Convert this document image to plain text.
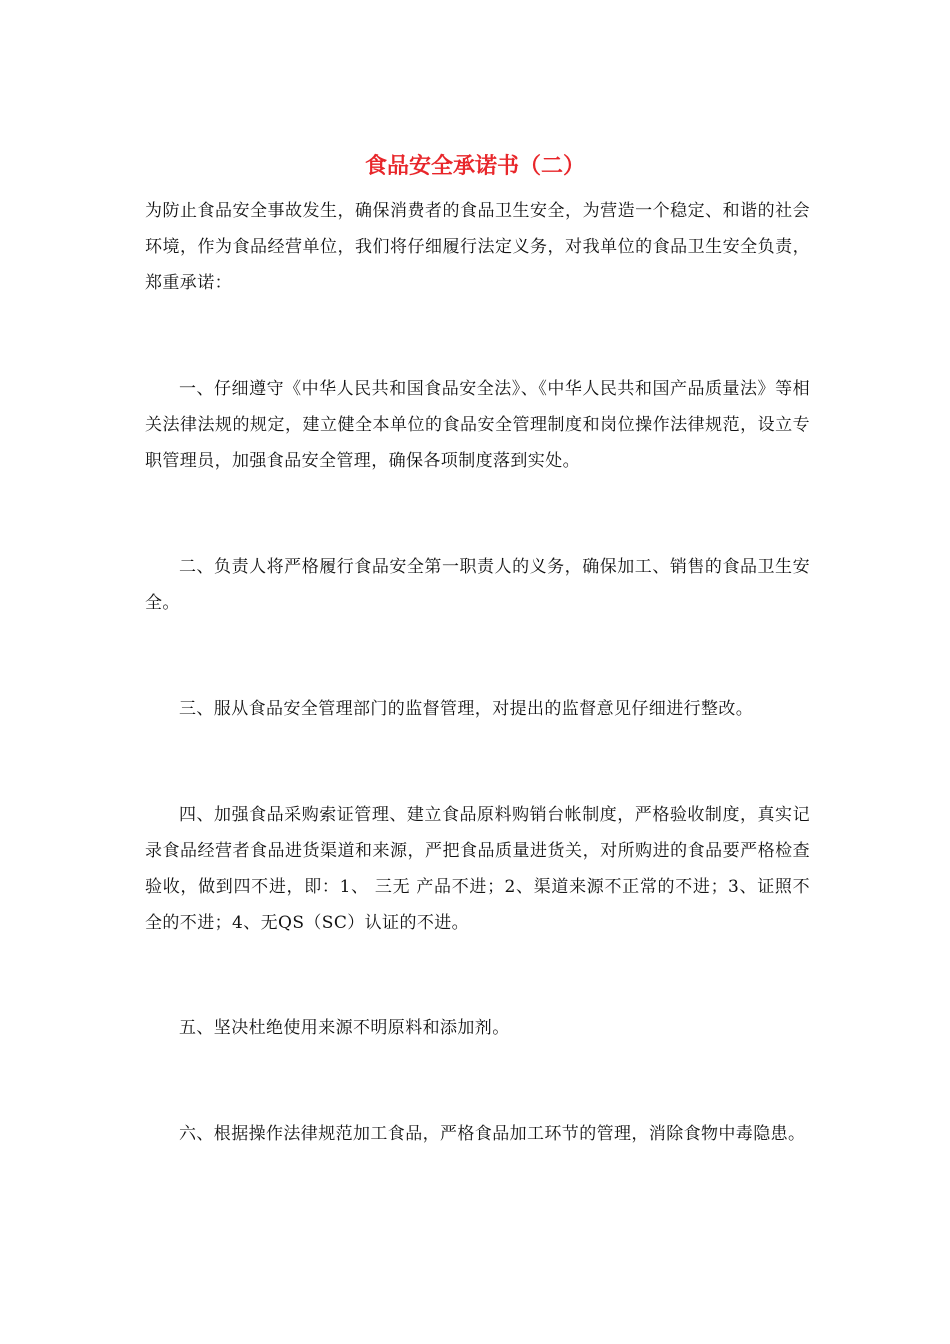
食品安全承诺书（二）

为防止食品安全事故发生，确保消费者的食品卫生安全，为营造一个稳定、和谐的社会环境，作为食品经营单位，我们将仔细履行法定义务，对我单位的食品卫生安全负责，郑重承诺：

一、仔细遵守《中华人民共和国食品安全法》、《中华人民共和国产品质量法》等相关法律法规的规定，建立健全本单位的食品安全管理制度和岗位操作法律规范，设立专职管理员，加强食品安全管理，确保各项制度落到实处。

二、负责人将严格履行食品安全第一职责人的义务，确保加工、销售的食品卫生安全。

三、服从食品安全管理部门的监督管理，对提出的监督意见仔细进行整改。

四、加强食品采购索证管理、建立食品原料购销台帐制度，严格验收制度，真实记录食品经营者食品进货渠道和来源，严把食品质量进货关，对所购进的食品要严格检查验收，做到四不进，即：1、 三无 产品不进；2、渠道来源不正常的不进；3、证照不全的不进；4、无QS（SC）认证的不进。

五、坚决杜绝使用来源不明原料和添加剂。

六、根据操作法律规范加工食品，严格食品加工环节的管理，消除食物中毒隐患。
